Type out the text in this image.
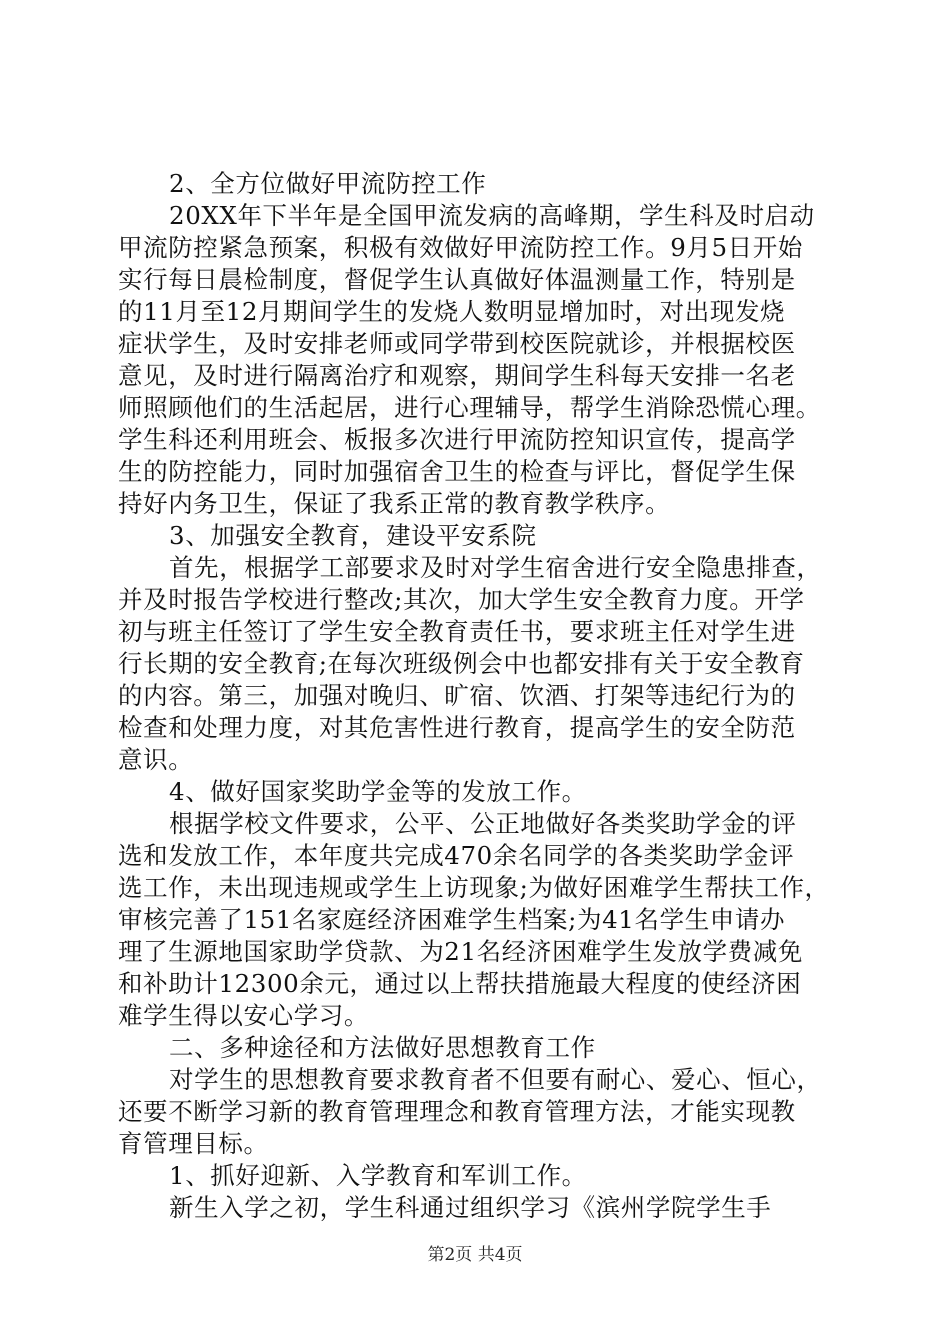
2、全方位做好甲流防控工作
20XX年下半年是全国甲流发病的高峰期，学生科及时启动
甲流防控紧急预案，积极有效做好甲流防控工作。9月5日开始
实行每日晨检制度，督促学生认真做好体温测量工作，特别是
的11月至12月期间学生的发烧人数明显增加时，对出现发烧
症状学生，及时安排老师或同学带到校医院就诊，并根据校医
意见，及时进行隔离治疗和观察，期间学生科每天安排一名老
师照顾他们的生活起居，进行心理辅导，帮学生消除恐慌心理。
学生科还利用班会、板报多次进行甲流防控知识宣传，提高学
生的防控能力，同时加强宿舍卫生的检查与评比，督促学生保
持好内务卫生，保证了我系正常的教育教学秩序。
3、加强安全教育，建设平安系院
首先，根据学工部要求及时对学生宿舍进行安全隐患排查，
并及时报告学校进行整改;其次，加大学生安全教育力度。开学
初与班主任签订了学生安全教育责任书，要求班主任对学生进
行长期的安全教育;在每次班级例会中也都安排有关于安全教育
的内容。第三，加强对晚归、旷宿、饮酒、打架等违纪行为的
检查和处理力度，对其危害性进行教育，提高学生的安全防范
意识。
4、做好国家奖助学金等的发放工作。
根据学校文件要求，公平、公正地做好各类奖助学金的评
选和发放工作，本年度共完成470余名同学的各类奖助学金评
选工作，未出现违规或学生上访现象;为做好困难学生帮扶工作，
审核完善了151名家庭经济困难学生档案;为41名学生申请办
理了生源地国家助学贷款、为21名经济困难学生发放学费减免
和补助计12300余元，通过以上帮扶措施最大程度的使经济困
难学生得以安心学习。
二、多种途径和方法做好思想教育工作
对学生的思想教育要求教育者不但要有耐心、爱心、恒心，
还要不断学习新的教育管理理念和教育管理方法，才能实现教
育管理目标。
1、抓好迎新、入学教育和军训工作。
新生入学之初，学生科通过组织学习《滨州学院学生手
第2页 共4页
